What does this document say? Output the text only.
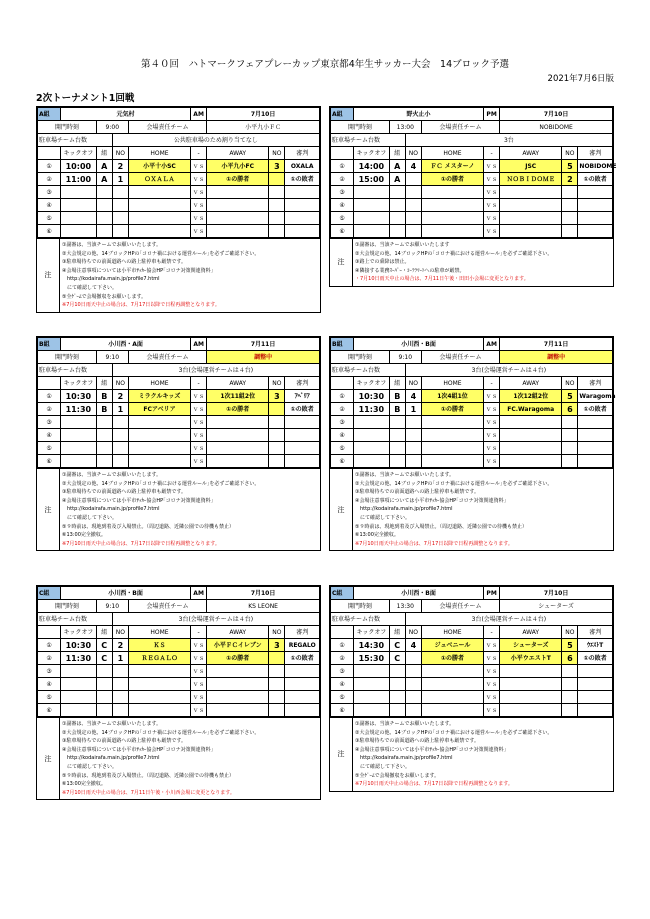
第４０回　ハトマークフェアプレーカップ東京都4年生サッカー大会　14ブロック予選
2021年7月6日版
2次トーナメント1回戦
A組	元気村				AM	7月10日		
開門時刻		9:00		会場責任チーム		小平九小ＦＣ		
駐車場チーム台数			公共駐車場のため割り当てなし					
	キックオフ	組	NO	HOME	-	AWAY	NO	審判
①	10:00	A	2	小平十小SC	ｖｓ	小平九小FC	3	OXALA
②	11:00	A	1	ＯＸＡＬＡ	ｖｓ	①の勝者		①の敗者
③					ｖｓ			
④					ｖｓ			
⑤					ｖｓ			
⑥					ｖｓ			
注
①副審は、当該チームでお願いいたします。
②大会規定の他、14ブロックHPの｢コロナ禍における運営ルール｣を必ずご確認下さい。
③駐車場待ちでの前面道路への路上駐停車も厳禁です。
④会場注意事項については小平市ｻｯｶｰ協会HP｢コロナ対策関連資料｣
　http://kodairafa.main.jp/profile7.html
　にて確認して下さい。
⑤全ｹﾞｰﾑで会場撤収をお願いします。
※7月10日雨天中止の場合は、7月17日以降で日程再調整となります。
A組	野火止小				PM	7月10日		
開門時刻		13:00		会場責任チーム		NOBIDOME		
駐車場チーム台数			3台					
	キックオフ	組	NO	HOME	-	AWAY	NO	審判
①	14:00	A	4	ＦＣ メスターノ	ｖｓ	JSC	5	NOBIDOME
②	15:00	A		①の勝者	ｖｓ	ＮＯＢＩＤＯＭＥ	2	①の敗者
③					ｖｓ			
④					ｖｓ			
⑤					ｖｓ			
⑥					ｖｓ			
注
①副審は、当該チームでお願いいたします
②大会規定の他、14ブロックHPの｢コロナ禍における運営ルール｣を必ずご確認下さい。
③路上での乗降は禁止。
④隣接する業務ｽｰﾊﾟｰ・ｺｰﾗﾗﾏｰﾄへの駐車が厳禁。
・7月10日雨天中止の場合は、7月11日午後・田田小会場に変更となります。
B組	小川西・A面				AM	7月11日		
開門時刻		9:10		会場責任チーム		調整中		
駐車場チーム台数			3台(会場運営チームは４台)					
	キックオフ	組	NO	HOME	-	AWAY	NO	審判
①	10:30	B	2	ミラクルキッズ	ｖｓ	1次11組2位	3	ｱﾍﾞﾘｱ
②	11:30	B	1	FCアベリア	ｖｓ	①の勝者		①の敗者
③					ｖｓ			
④					ｖｓ			
⑤					ｖｓ			
⑥					ｖｓ			
注
①副審は、当該チームでお願いいたします。
②大会規定の他、14ブロックHPの｢コロナ禍における運営ルール｣を必ずご確認下さい。
③駐車場待ちでの前面道路への路上駐停車も厳禁です。
④会場注意事項については小平市ｻｯｶｰ協会HP｢コロナ対策関連資料｣
　http://kodairafa.main.jp/profile7.html
　にて確認して下さい。
⑤９時前は、現地到着及び入場禁止。（周辺道路、近隣公園での待機も禁止）
⑥13:00完全撤収。
※7月10日雨天中止の場合は、7月17日以降で日程再調整となります。
B組	小川西・B面				AM	7月11日		
開門時刻		9:10		会場責任チーム		調整中		
駐車場チーム台数			3台(会場運営チームは４台)					
	キックオフ	組	NO	HOME	-	AWAY	NO	審判
①	10:30	B	4	1次4組1位	ｖｓ	1次12組2位	5	Waragoma
②	11:30	B	1	①の勝者	ｖｓ	FC.Waragoma	6	①の敗者
③					ｖｓ			
④					ｖｓ			
⑤					ｖｓ			
⑥					ｖｓ			
注
①副審は、当該チームでお願いいたします。
②大会規定の他、14ブロックHPの｢コロナ禍における運営ルール｣を必ずご確認下さい。
③駐車場待ちでの前面道路への路上駐停車も厳禁です。
④会場注意事項については小平市ｻｯｶｰ協会HP｢コロナ対策関連資料｣
　http://kodairafa.main.jp/profile7.html
　にて確認して下さい。
⑤９時前は、現地到着及び入場禁止。（周辺道路、近隣公園での待機も禁止）
⑥13:00完全撤収。
※7月10日雨天中止の場合は、7月17日以降で日程再調整となります。
C組	小川西・B面				AM	7月10日		
開門時刻		9:10		会場責任チーム		KS LEONE		
駐車場チーム台数			3台(会場運営チームは４台)					
	キックオフ	組	NO	HOME	-	AWAY	NO	審判
①	10:30	C	2	ＫＳ	ｖｓ	小平ＦＣイレブン	3	REGALO
②	11:30	C	1	ＲＥＧＡＬＯ	ｖｓ	①の勝者		①の敗者
③					ｖｓ			
④					ｖｓ			
⑤					ｖｓ			
⑥					ｖｓ			
注
①副審は、当該チームでお願いいたします。
②大会規定の他、14ブロックHPの｢コロナ禍における運営ルール｣を必ずご確認下さい。
③駐車場待ちでの前面道路への路上駐停車も厳禁です。
④会場注意事項については小平市ｻｯｶｰ協会HP｢コロナ対策関連資料｣
　http://kodairafa.main.jp/profile7.html
　にて確認して下さい。
⑤９時前は、現地到着及び入場禁止。（周辺道路、近隣公園での待機も禁止）
⑥13:00完全撤収。
※7月10日雨天中止の場合は、7月11日午後・小川西会場に変更となります。
C組	小川西・B面				PM	7月10日		
開門時刻		13:30		会場責任チーム		シューターズ		
駐車場チーム台数			3台(会場運営チームは４台)					
	キックオフ	組	NO	HOME	-	AWAY	NO	審判
①	14:30	C	4	ジュベニール	ｖｓ	シューターズ	5	ｳｴｽﾄT
②	15:30	C		①の勝者	ｖｓ	小平ウエストT	6	①の敗者
③					ｖｓ			
④					ｖｓ			
⑤					ｖｓ			
⑥					ｖｓ			
注
①副審は、当該チームでお願いいたします。
②大会規定の他、14ブロックHPの｢コロナ禍における運営ルール｣を必ずご確認下さい。
③駐車場待ちでの前面道路への路上駐停車も厳禁です。
④会場注意事項については小平市ｻｯｶｰ協会HP｢コロナ対策関連資料｣
　http://kodairafa.main.jp/profile7.html
　にて確認して下さい。
⑤全ｹﾞｰﾑで会場撤収をお願いします。
※7月10日雨天中止の場合は、7月17日以降で日程再調整となります。
